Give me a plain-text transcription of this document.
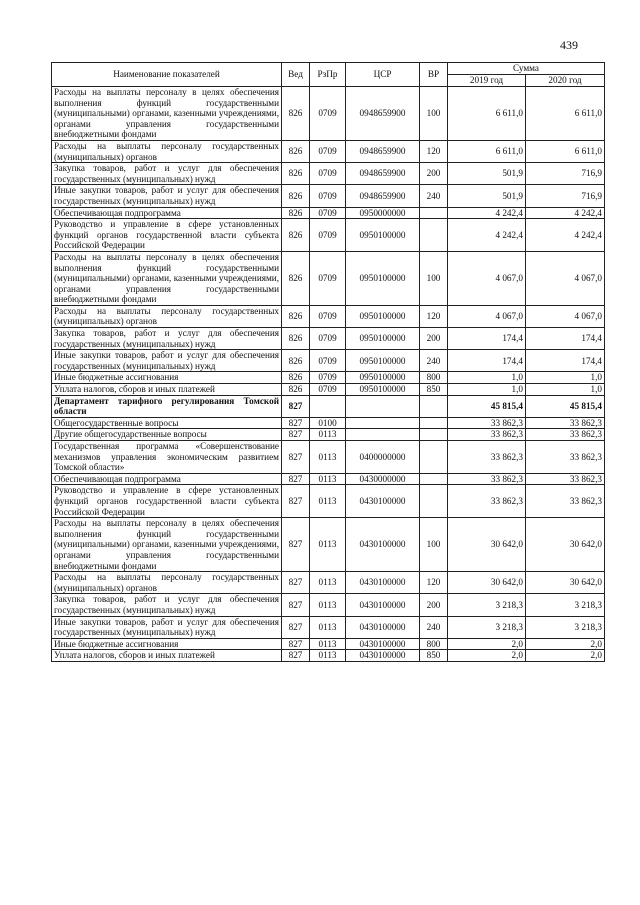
439
Наименование показателей	Вед	РзПр	ЦСР	ВР	Сумма	
					2019 год	2020 год
Расходы на выплаты персоналу в целях обеспечения выполнения функций государственными (муниципальными) органами, казенными учреждениями, органами управления государственными внебюджетными фондами	826	0709	0948659900	100	6 611,0	6 611,0
Расходы на выплаты персоналу государственных (муниципальных) органов	826	0709	0948659900	120	6 611,0	6 611,0
Закупка товаров, работ и услуг для обеспечения государственных (муниципальных) нужд	826	0709	0948659900	200	501,9	716,9
Иные закупки товаров, работ и услуг для обеспечения государственных (муниципальных) нужд	826	0709	0948659900	240	501,9	716,9
Обеспечивающая подпрограмма	826	0709	0950000000		4 242,4	4 242,4
Руководство и управление в сфере установленных функций органов государственной власти субъекта Российской Федерации	826	0709	0950100000		4 242,4	4 242,4
Расходы на выплаты персоналу в целях обеспечения выполнения функций государственными (муниципальными) органами, казенными учреждениями, органами управления государственными внебюджетными фондами	826	0709	0950100000	100	4 067,0	4 067,0
Расходы на выплаты персоналу государственных (муниципальных) органов	826	0709	0950100000	120	4 067,0	4 067,0
Закупка товаров, работ и услуг для обеспечения государственных (муниципальных) нужд	826	0709	0950100000	200	174,4	174,4
Иные закупки товаров, работ и услуг для обеспечения государственных (муниципальных) нужд	826	0709	0950100000	240	174,4	174,4
Иные бюджетные ассигнования	826	0709	0950100000	800	1,0	1,0
Уплата налогов, сборов и иных платежей	826	0709	0950100000	850	1,0	1,0
Департамент тарифного регулирования Томской области	827				45 815,4	45 815,4
Общегосударственные вопросы	827	0100			33 862,3	33 862,3
Другие общегосударственные вопросы	827	0113			33 862,3	33 862,3
Государственная программа «Совершенствование механизмов управления экономическим развитием Томской области»	827	0113	0400000000		33 862,3	33 862,3
Обеспечивающая подпрограмма	827	0113	0430000000		33 862,3	33 862,3
Руководство и управление в сфере установленных функций органов государственной власти субъекта Российской Федерации	827	0113	0430100000		33 862,3	33 862,3
Расходы на выплаты персоналу в целях обеспечения выполнения функций государственными (муниципальными) органами, казенными учреждениями, органами управления государственными внебюджетными фондами	827	0113	0430100000	100	30 642,0	30 642,0
Расходы на выплаты персоналу государственных (муниципальных) органов	827	0113	0430100000	120	30 642,0	30 642,0
Закупка товаров, работ и услуг для обеспечения государственных (муниципальных) нужд	827	0113	0430100000	200	3 218,3	3 218,3
Иные закупки товаров, работ и услуг для обеспечения государственных (муниципальных) нужд	827	0113	0430100000	240	3 218,3	3 218,3
Иные бюджетные ассигнования	827	0113	0430100000	800	2,0	2,0
Уплата налогов, сборов и иных платежей	827	0113	0430100000	850	2,0	2,0
